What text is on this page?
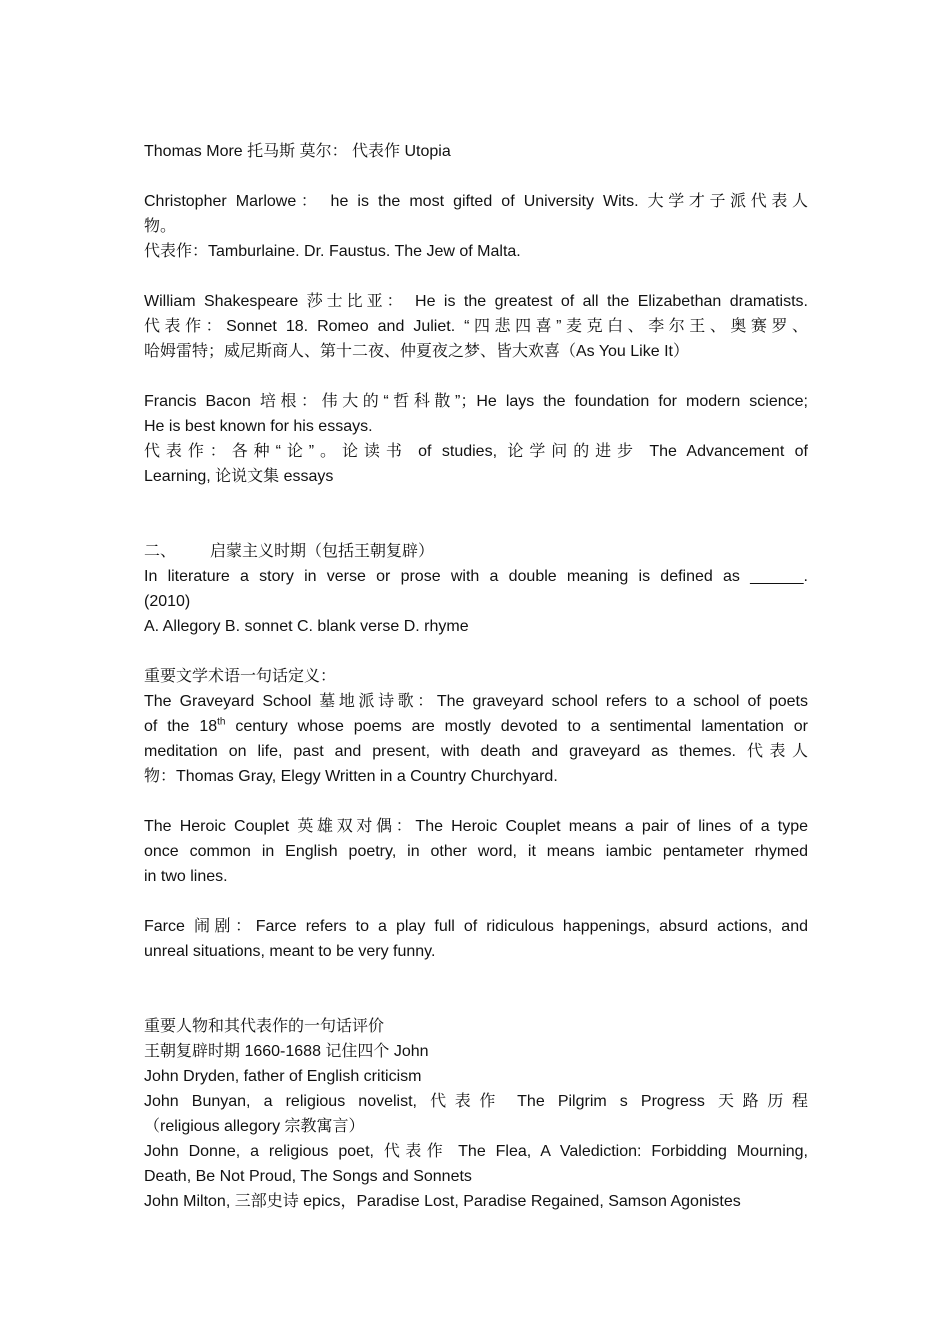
Thomas More 托马斯 莫尔： 代表作 Utopia
Christopher Marlowe： he is the most gifted of University Wits. 大学才子派代表人
物。
代表作：Tamburlaine. Dr. Faustus. The Jew of Malta.
William Shakespeare 莎士比亚： He is the greatest of all the Elizabethan dramatists.
代表作：Sonnet 18. Romeo and Juliet. “四悲四喜”麦克白、李尔王、奥赛罗、
哈姆雷特；威尼斯商人、第十二夜、仲夏夜之梦、皆大欢喜（As You Like It）
Francis Bacon 培根：伟大的“哲科散”；He lays the foundation for modern science;
He is best known for his essays.
代表作：各种“论”。论读书 of studies, 论学问的进步 The Advancement of
Learning, 论说文集 essays
二、 启蒙主义时期（包括王朝复辟）
In literature a story in verse or prose with a double meaning is defined as ______.
(2010)
A. Allegory B. sonnet C. blank verse D. rhyme
重要文学术语一句话定义：
The Graveyard School 墓地派诗歌：The graveyard school refers to a school of poets
of the 18th century whose poems are mostly devoted to a sentimental lamentation or
meditation on life, past and present, with death and graveyard as themes. 代表人
物：Thomas Gray, Elegy Written in a Country Churchyard.
The Heroic Couplet 英雄双对偶：The Heroic Couplet means a pair of lines of a type
once common in English poetry, in other word, it means iambic pentameter rhymed
in two lines.
Farce 闹剧：Farce refers to a play full of ridiculous happenings, absurd actions, and
unreal situations, meant to be very funny.
重要人物和其代表作的一句话评价
王朝复辟时期 1660-1688 记住四个 John
John Dryden, father of English criticism
John Bunyan, a religious novelist, 代表作 The Pilgrim s Progress 天路历程
（religious allegory 宗教寓言）
John Donne, a religious poet, 代表作 The Flea, A Valediction: Forbidding Mourning,
Death, Be Not Proud, The Songs and Sonnets
John Milton, 三部史诗 epics，Paradise Lost, Paradise Regained, Samson Agonistes
